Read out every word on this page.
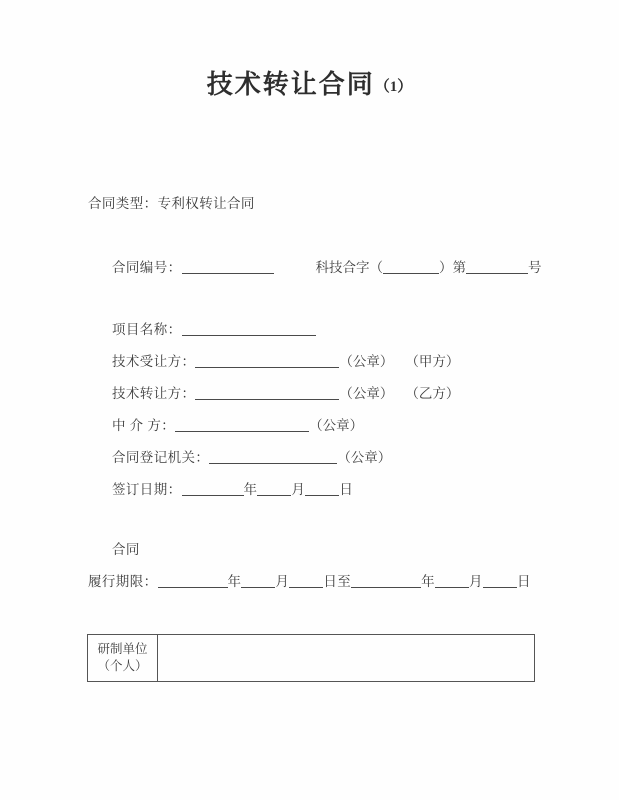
技术转让合同（1）
合同类型：专利权转让合同
合同编号：	科技合字（	）第	号
项目名称：
技术受让方：	（公章） （甲方）
技术转让方：	（公章） （乙方）
中 介 方：	（公章）
合同登记机关：	（公章）
签订日期：	年	月	日
合同
履行期限：	年	月	日至	年	月	日
研制单位
（个人）
